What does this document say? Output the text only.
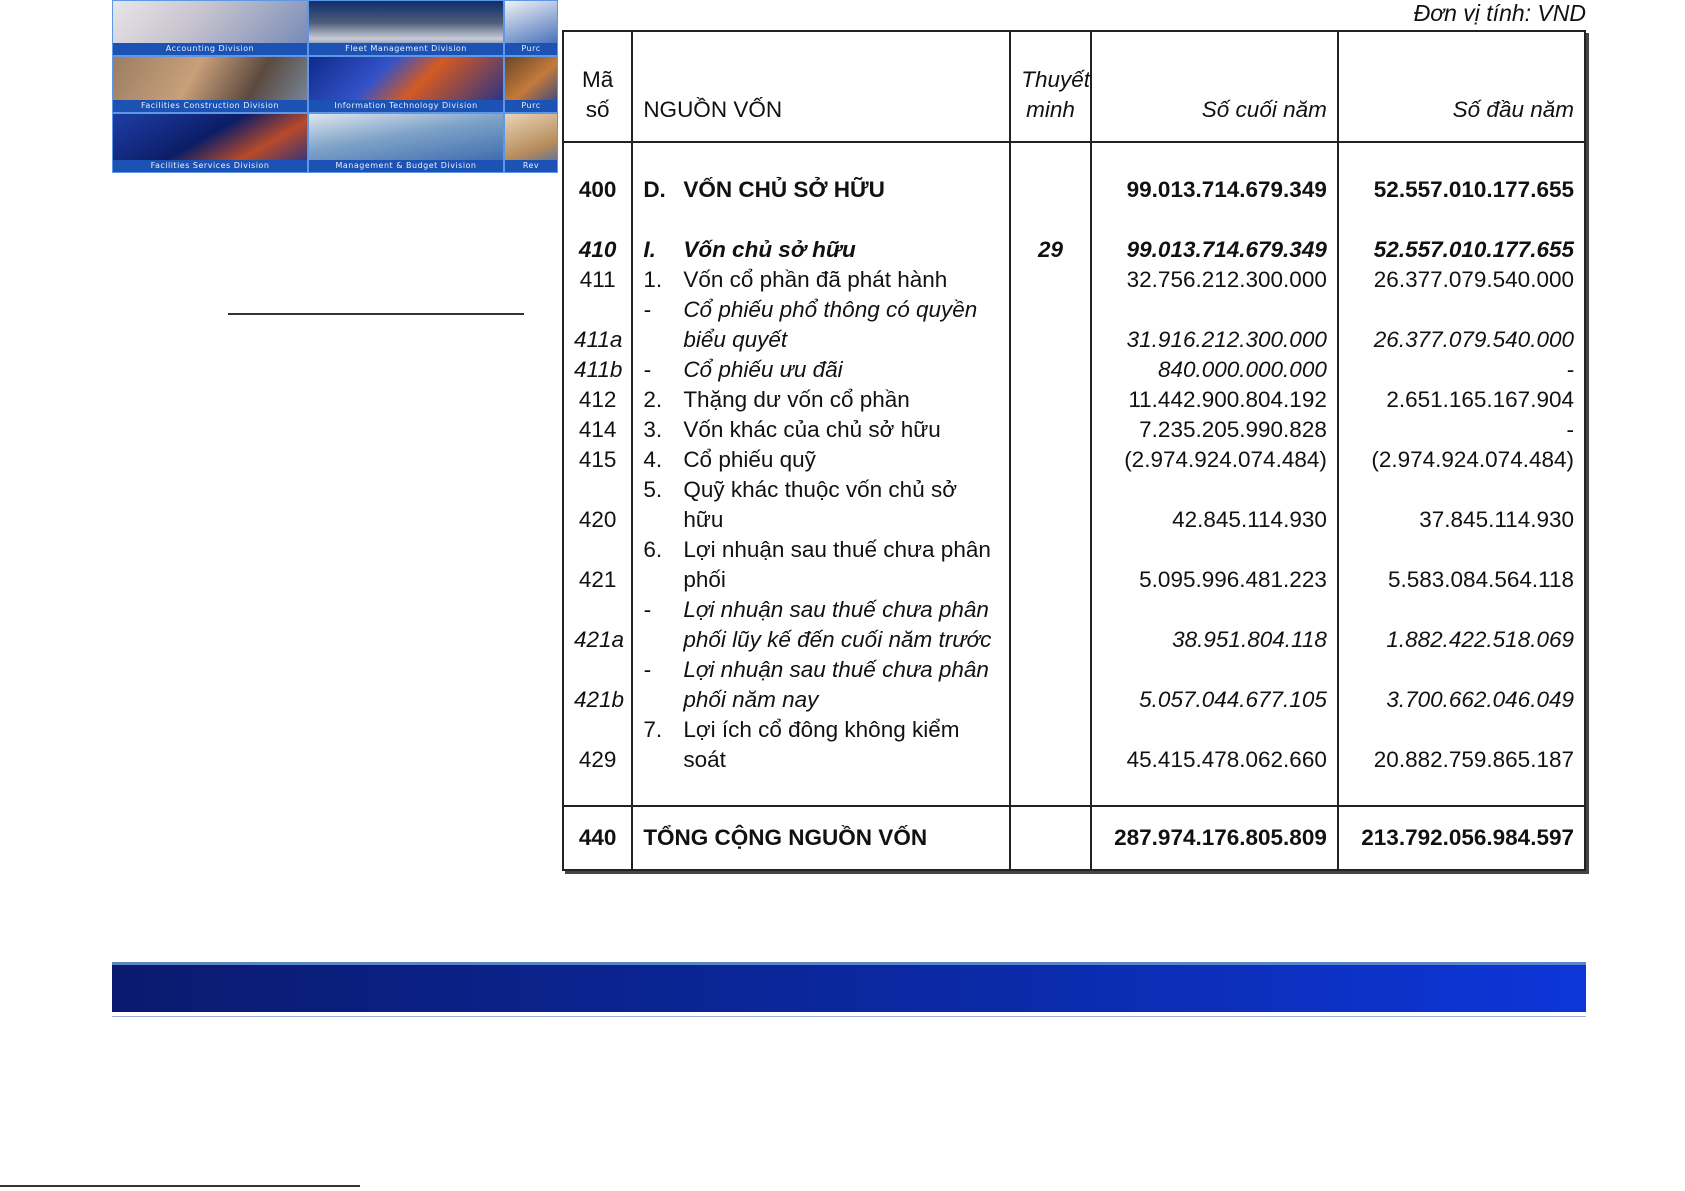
Accounting Division	Fleet Management Division	Purc
Facilities Construction Division	Information Technology Division	Purc
Facilities Services Division	Management & Budget Division	Rev
Đơn vị tính: VND
Mã số	NGUỒN VỐN	Thuyết minh	Số cuối năm	Số đầu năm

400	D. VỐN CHỦ SỞ HỮU		99.013.714.679.349	52.557.010.177.655

410	I. Vốn chủ sở hữu	29	99.013.714.679.349	52.557.010.177.655
411	1. Vốn cổ phần đã phát hành		32.756.212.300.000	26.377.079.540.000
411a	- Cổ phiếu phổ thông có quyền biểu quyết		31.916.212.300.000	26.377.079.540.000
411b	- Cổ phiếu ưu đãi		840.000.000.000	-
412	2. Thặng dư vốn cổ phần		11.442.900.804.192	2.651.165.167.904
414	3. Vốn khác của chủ sở hữu		7.235.205.990.828	-
415	4. Cổ phiếu quỹ		(2.974.924.074.484)	(2.974.924.074.484)
420	5. Quỹ khác thuộc vốn chủ sở hữu		42.845.114.930	37.845.114.930
421	6. Lợi nhuận sau thuế chưa phân phối		5.095.996.481.223	5.583.084.564.118
421a	- Lợi nhuận sau thuế chưa phân phối lũy kế đến cuối năm trước		38.951.804.118	1.882.422.518.069
421b	- Lợi nhuận sau thuế chưa phân phối năm nay		5.057.044.677.105	3.700.662.046.049
429	7. Lợi ích cổ đông không kiểm soát		45.415.478.062.660	20.882.759.865.187

440	TỔNG CỘNG NGUỒN VỐN		287.974.176.805.809	213.792.056.984.597
